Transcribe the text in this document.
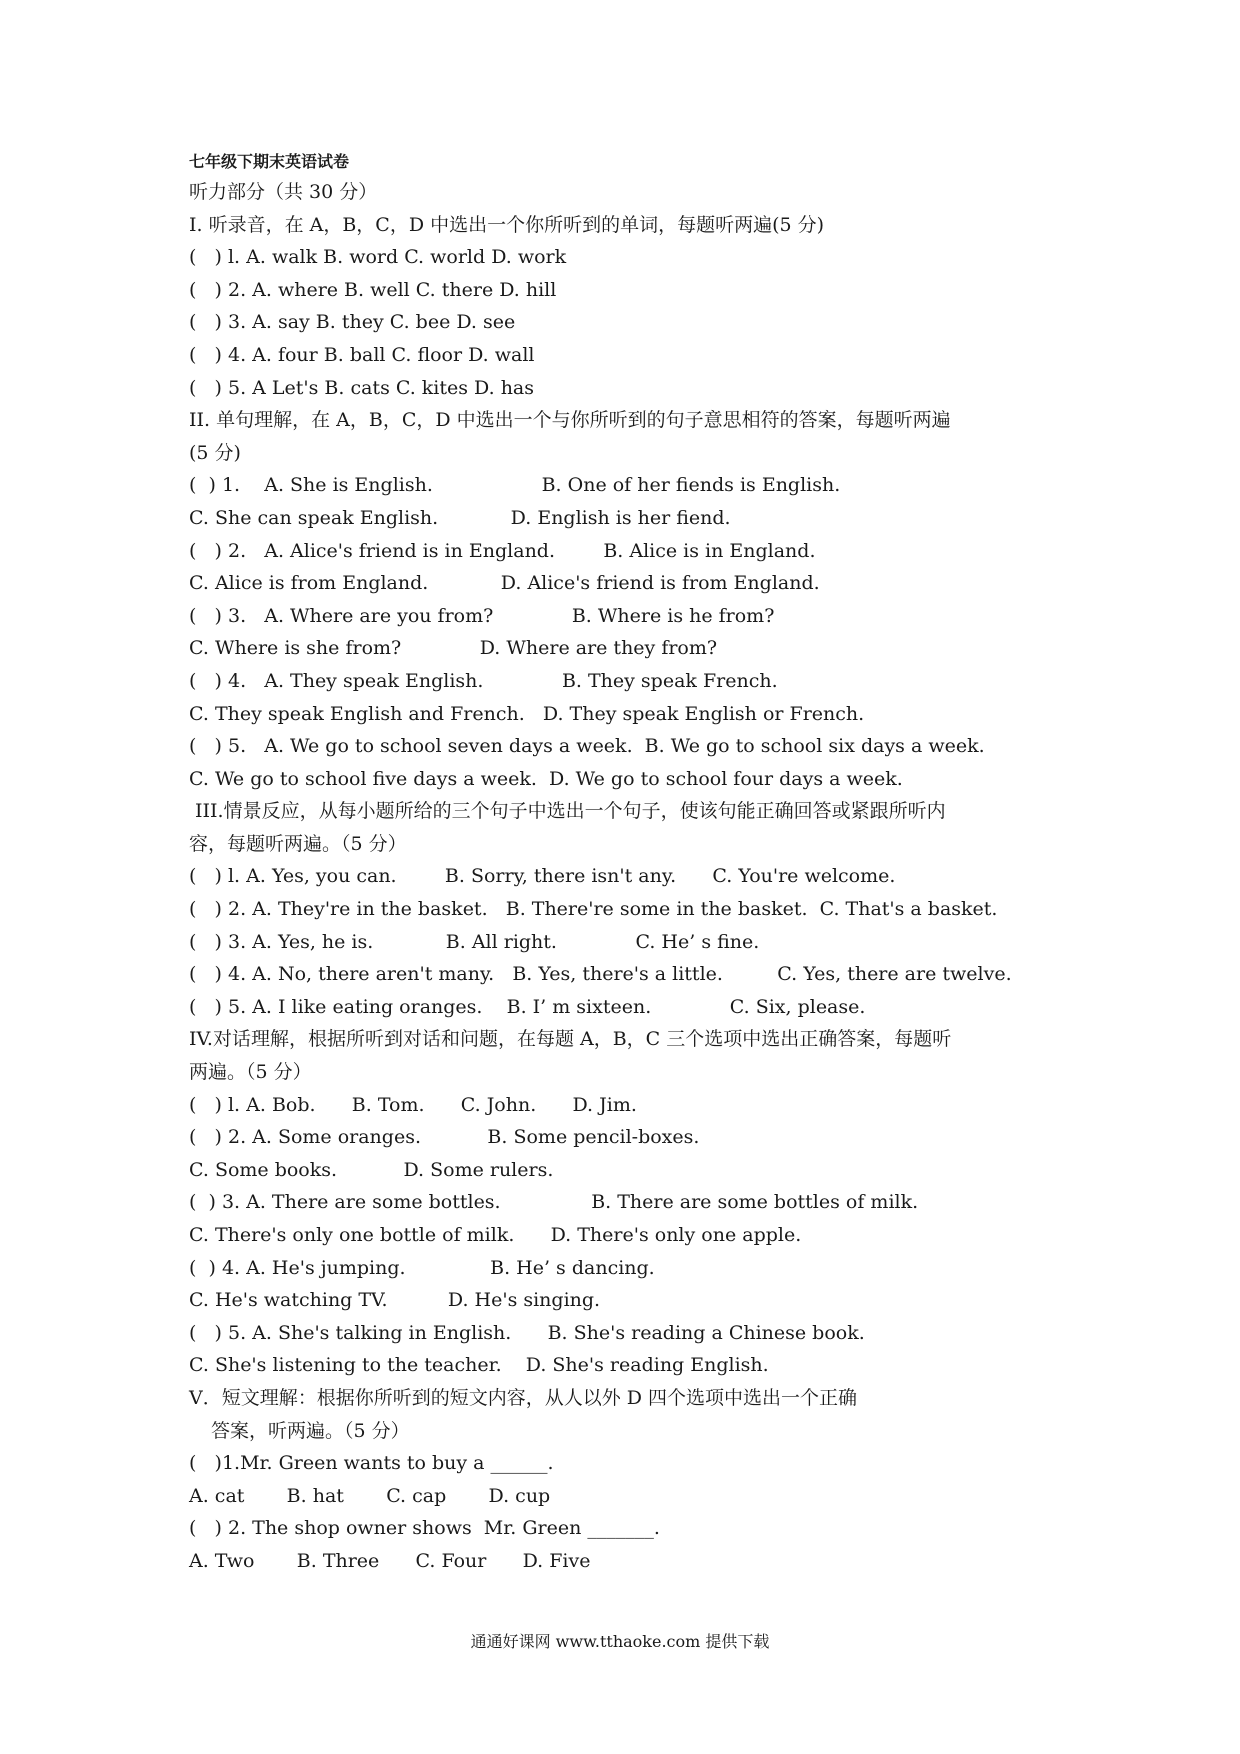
七年级下期末英语试卷
听力部分（共 30 分）
I. 听录音，在 A，B，C，D 中选出一个你所听到的单词，每题听两遍(5 分)
(   ) l. A. walk B. word C. world D. work
(   ) 2. A. where B. well C. there D. hill
(   ) 3. A. say B. they C. bee D. see
(   ) 4. A. four B. ball C. floor D. wall
(   ) 5. A Let's B. cats C. kites D. has
II. 单句理解，在 A，B，C，D 中选出一个与你所听到的句子意思相符的答案，每题听两遍
(5 分)
(  ) 1.    A. She is English.                  B. One of her fiends is English.
C. She can speak English.            D. English is her fiend.
(   ) 2.   A. Alice's friend is in England.        B. Alice is in England.
C. Alice is from England.            D. Alice's friend is from England.
(   ) 3.   A. Where are you from?             B. Where is he from?
C. Where is she from?             D. Where are they from?
(   ) 4.   A. They speak English.             B. They speak French.
C. They speak English and French.   D. They speak English or French.
(   ) 5.   A. We go to school seven days a week.  B. We go to school six days a week.
C. We go to school five days a week.  D. We go to school four days a week.
III.情景反应，从每小题所给的三个句子中选出一个句子，使该句能正确回答或紧跟所听内
容，每题听两遍。（5 分）
(   ) l. A. Yes, you can.        B. Sorry, there isn't any.      C. You're welcome.
(   ) 2. A. They're in the basket.   B. There're some in the basket.  C. That's a basket.
(   ) 3. A. Yes, he is.            B. All right.             C. He’ s fine.
(   ) 4. A. No, there aren't many.   B. Yes, there's a little.         C. Yes, there are twelve.
(   ) 5. A. I like eating oranges.    B. I’ m sixteen.             C. Six, please.
IV.对话理解，根据所听到对话和问题，在每题 A，B，C 三个选项中选出正确答案，每题听
两遍。（5 分）
(   ) l. A. Bob.      B. Tom.      C. John.      D. Jim.
(   ) 2. A. Some oranges.           B. Some pencil-boxes.
C. Some books.           D. Some rulers.
(  ) 3. A. There are some bottles.               B. There are some bottles of milk.
C. There's only one bottle of milk.      D. There's only one apple.
(  ) 4. A. He's jumping.              B. He’ s dancing.
C. He's watching TV.          D. He's singing.
(   ) 5. A. She's talking in English.      B. She's reading a Chinese book.
C. She's listening to the teacher.    D. She's reading English.
V．短文理解：根据你所听到的短文内容，从人以外 D 四个选项中选出一个正确
答案，听两遍。（5 分）
(   )1.Mr. Green wants to buy a ______.
A. cat       B. hat       C. cap       D. cup
(   ) 2. The shop owner shows  Mr. Green _______.
A. Two       B. Three      C. Four      D. Five
通通好课网 www.tthaoke.com 提供下载
